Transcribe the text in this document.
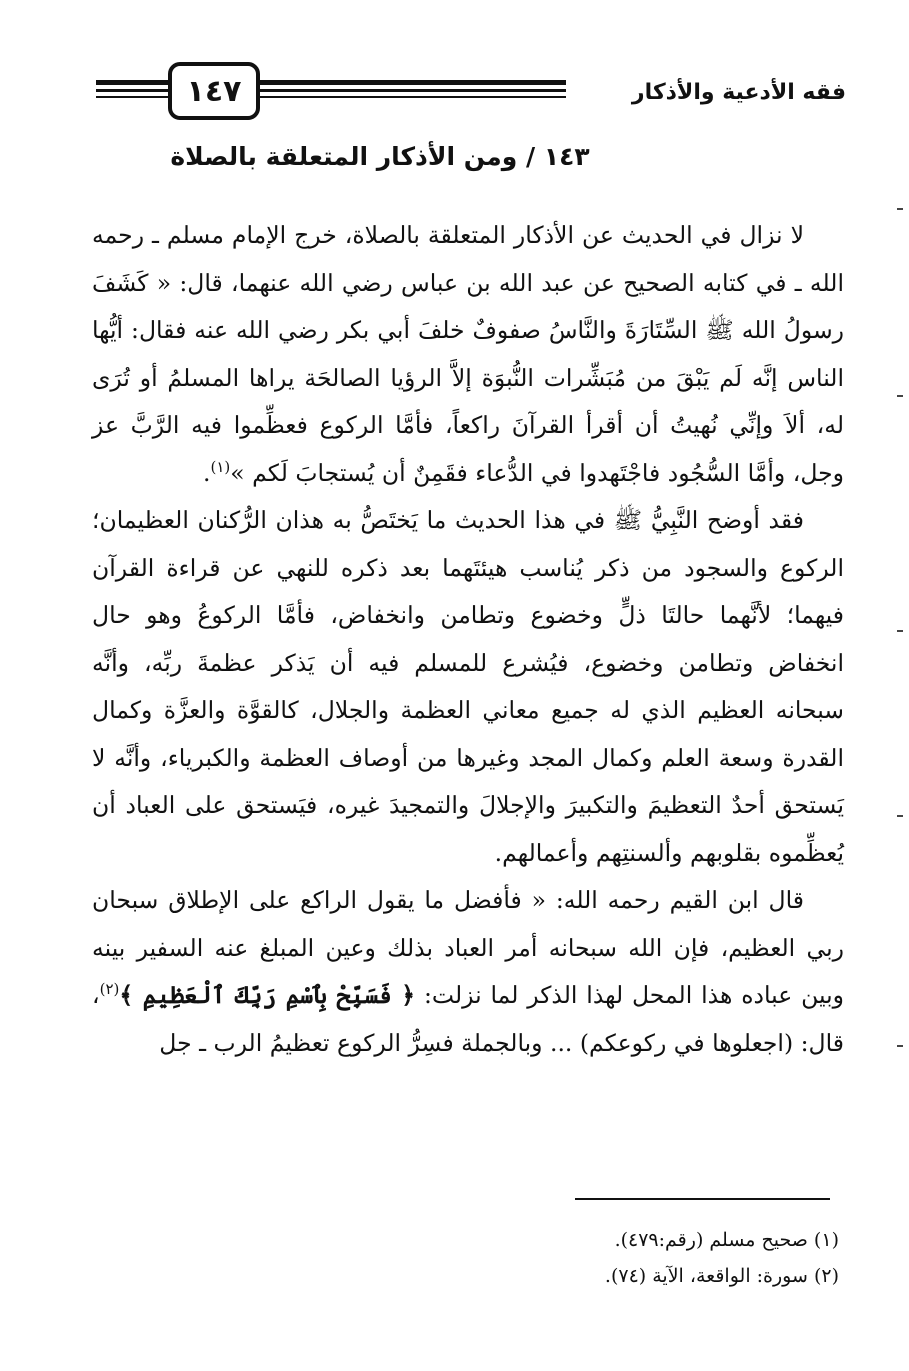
فقه الأدعية والأذكار
١٤٧
١٤٣ / ومن الأذكار المتعلقة بالصلاة

لا نزال في الحديث عن الأذكار المتعلقة بالصلاة، خرج الإمام مسلم ـ رحمه الله ـ في كتابه الصحيح عن عبد الله بن عباس رضي الله عنهما، قال: « كَشَفَ رسولُ الله ﷺ السِّتَارَةَ والنَّاسُ صفوفٌ خلفَ أبي بكر رضي الله عنه فقال: أيُّها الناس إنَّه لَم يَبْقَ من مُبَشِّرات النُّبوَة إلاَّ الرؤيا الصالحَة يراها المسلمُ أو تُرَى له، ألاَ وإنِّي نُهيتُ أن أقرأ القرآنَ راكعاً، فأمَّا الركوع فعظِّموا فيه الرَّبَّ عز وجل، وأمَّا السُّجُود فاجْتَهدوا في الدُّعاء فقَمِنٌ أن يُستجابَ لَكم »$^{(١)}$.

فقد أوضح النَّبِيُّ ﷺ في هذا الحديث ما يَختَصُّ به هذان الرُّكنان العظيمان؛ الركوع والسجود من ذكر يُناسب هيئتَهما بعد ذكره للنهي عن قراءة القرآن فيهما؛ لأنَّهما حالتَا ذلٍّ وخضوع وتطامن وانخفاض، فأمَّا الركوعُ وهو حال انخفاض وتطامن وخضوع، فيُشرع للمسلم فيه أن يَذكر عظمةَ ربِّه، وأنَّه سبحانه العظيم الذي له جميع معاني العظمة والجلال، كالقوَّة والعزَّة وكمال القدرة وسعة العلم وكمال المجد وغيرها من أوصاف العظمة والكبرياء، وأنَّه لا يَستحق أحدٌ التعظيمَ والتكبيرَ والإجلالَ والتمجيدَ غيره، فيَستحق على العباد أن يُعظِّموه بقلوبهم وألسنتِهم وأعمالهم.

قال ابن القيم رحمه الله: « فأفضل ما يقول الراكع على الإطلاق سبحان ربي العظيم، فإن الله سبحانه أمر العباد بذلك وعين المبلغ عنه السفير بينه وبين عباده هذا المحل لهذا الذكر لما نزلت: ﴿ فَسَبِّحْ بِٱسْمِ رَبِّكَ ٱلْعَظِيمِ ﴾$^{(٢)}$، قال: (اجعلوها في ركوعكم) ... وبالجملة فسِرُّ الركوع تعظيمُ الرب ـ جل

(١) صحيح مسلم (رقم:٤٧٩).
(٢) سورة: الواقعة، الآية (٧٤).
